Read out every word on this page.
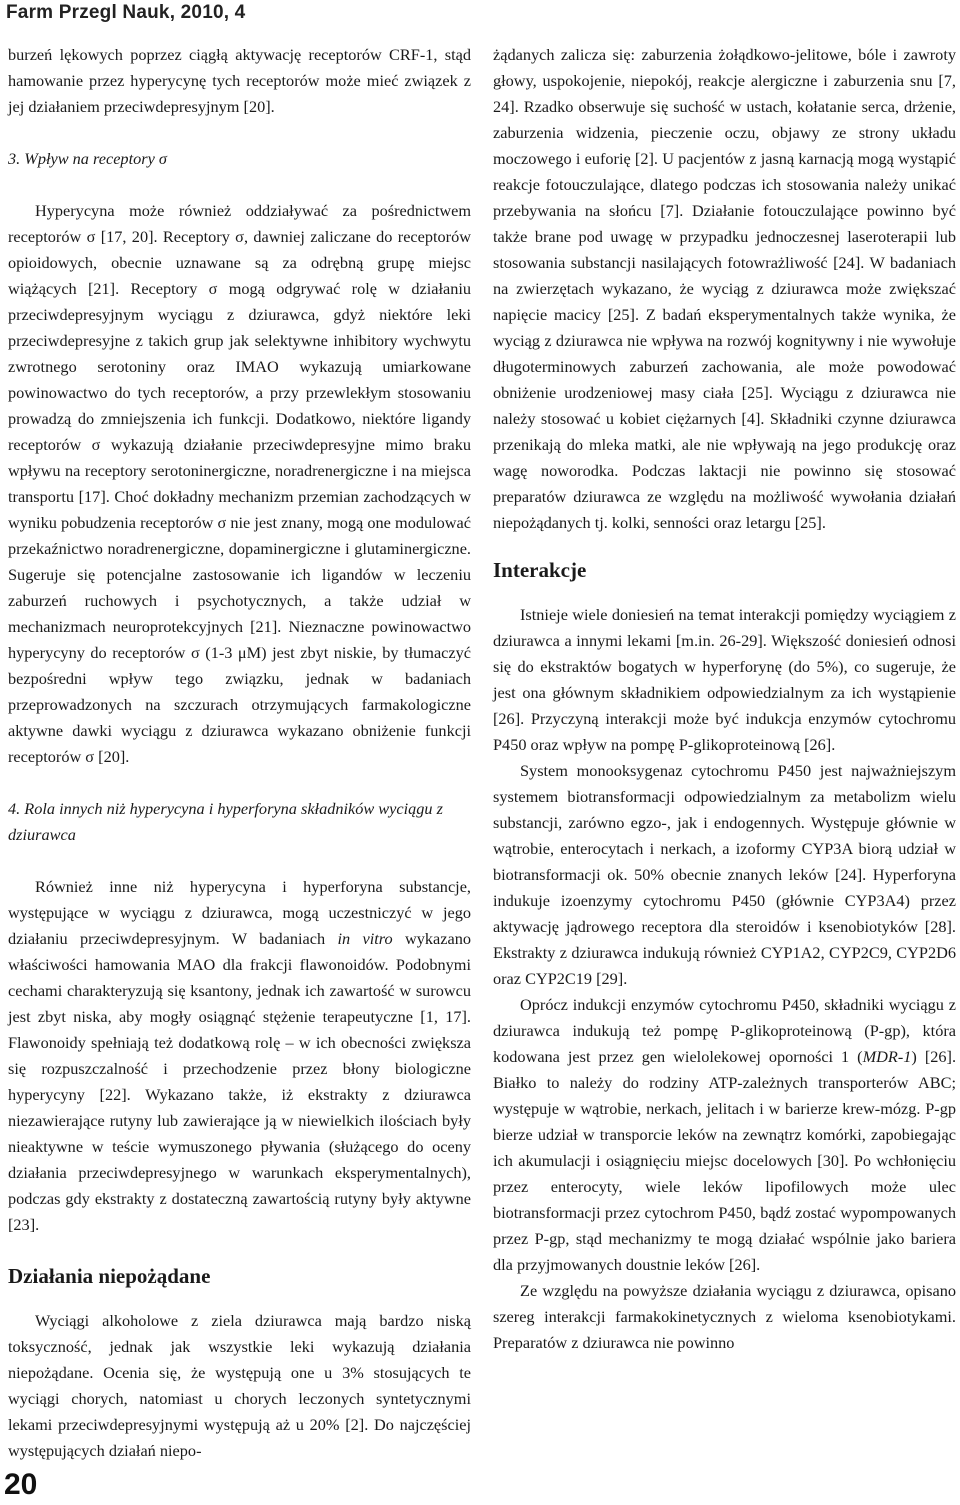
Farm Przegl Nauk, 2010, 4

burzeń lękowych poprzez ciągłą aktywację receptorów CRF-1, stąd hamowanie przez hyperycynę tych receptorów może mieć związek z jej działaniem przeciwdepresyjnym [20].

3. Wpływ na receptory σ

Hyperycyna może również oddziaływać za pośrednictwem receptorów σ [17, 20]. Receptory σ, dawniej zaliczane do receptorów opioidowych, obecnie uznawane są za odrębną grupę miejsc wiążących [21]. Receptory σ mogą odgrywać rolę w działaniu przeciwdepresyjnym wyciągu z dziurawca, gdyż niektóre leki przeciwdepresyjne z takich grup jak selektywne inhibitory wychwytu zwrotnego serotoniny oraz IMAO wykazują umiarkowane powinowactwo do tych receptorów, a przy przewlekłym stosowaniu prowadzą do zmniejszenia ich funkcji. Dodatkowo, niektóre ligandy receptorów σ wykazują działanie przeciwdepresyjne mimo braku wpływu na receptory serotoninergiczne, noradrenergiczne i na miejsca transportu [17]. Choć dokładny mechanizm przemian zachodzących w wyniku pobudzenia receptorów σ nie jest znany, mogą one modulować przekaźnictwo noradrenergiczne, dopaminergiczne i glutaminergiczne. Sugeruje się potencjalne zastosowanie ich ligandów w leczeniu zaburzeń ruchowych i psychotycznych, a także udział w mechanizmach neuroprotekcyjnych [21]. Nieznaczne powinowactwo hyperycyny do receptorów σ (1-3 μM) jest zbyt niskie, by tłumaczyć bezpośredni wpływ tego związku, jednak w badaniach przeprowadzonych na szczurach otrzymujących farmakologiczne aktywne dawki wyciągu z dziurawca wykazano obniżenie funkcji receptorów σ [20].

4. Rola innych niż hyperycyna i hyperforyna składników wyciągu z dziurawca

Również inne niż hyperycyna i hyperforyna substancje, występujące w wyciągu z dziurawca, mogą uczestniczyć w jego działaniu przeciwdepresyjnym. W badaniach in vitro wykazano właściwości hamowania MAO dla frakcji flawonoidów. Podobnymi cechami charakteryzują się ksantony, jednak ich zawartość w surowcu jest zbyt niska, aby mogły osiągnąć stężenie terapeutyczne [1, 17]. Flawonoidy spełniają też dodatkową rolę – w ich obecności zwiększa się rozpuszczalność i przechodzenie przez błony biologiczne hyperycyny [22]. Wykazano także, iż ekstrakty z dziurawca niezawierające rutyny lub zawierające ją w niewielkich ilościach były nieaktywne w teście wymuszonego pływania (służącego do oceny działania przeciwdepresyjnego w warunkach eksperymentalnych), podczas gdy ekstrakty z dostateczną zawartością rutyny były aktywne [23].

Działania niepożądane

Wyciągi alkoholowe z ziela dziurawca mają bardzo niską toksyczność, jednak jak wszystkie leki wykazują działania niepożądane. Ocenia się, że występują one u 3% stosujących te wyciągi chorych, natomiast u chorych leczonych syntetycznymi lekami przeciwdepresyjnymi występują aż u 20% [2]. Do najczęściej występujących działań niepo-

żądanych zalicza się: zaburzenia żołądkowo-jelitowe, bóle i zawroty głowy, uspokojenie, niepokój, reakcje alergiczne i zaburzenia snu [7, 24]. Rzadko obserwuje się suchość w ustach, kołatanie serca, drżenie, zaburzenia widzenia, pieczenie oczu, objawy ze strony układu moczowego i euforię [2]. U pacjentów z jasną karnacją mogą wystąpić reakcje fotouczulające, dlatego podczas ich stosowania należy unikać przebywania na słońcu [7]. Działanie fotouczulające powinno być także brane pod uwagę w przypadku jednoczesnej laseroterapii lub stosowania substancji nasilających fotowrażliwość [24]. W badaniach na zwierzętach wykazano, że wyciąg z dziurawca może zwiększać napięcie macicy [25]. Z badań eksperymentalnych także wynika, że wyciąg z dziurawca nie wpływa na rozwój kognitywny i nie wywołuje długoterminowych zaburzeń zachowania, ale może powodować obniżenie urodzeniowej masy ciała [25]. Wyciągu z dziurawca nie należy stosować u kobiet ciężarnych [4]. Składniki czynne dziurawca przenikają do mleka matki, ale nie wpływają na jego produkcję oraz wagę noworodka. Podczas laktacji nie powinno się stosować preparatów dziurawca ze względu na możliwość wywołania działań niepożądanych tj. kolki, senności oraz letargu [25].

Interakcje

Istnieje wiele doniesień na temat interakcji pomiędzy wyciągiem z dziurawca a innymi lekami [m.in. 26-29]. Większość doniesień odnosi się do ekstraktów bogatych w hyperforynę (do 5%), co sugeruje, że jest ona głównym składnikiem odpowiedzialnym za ich wystąpienie [26]. Przyczyną interakcji może być indukcja enzymów cytochromu P450 oraz wpływ na pompę P-glikoproteinową [26].

System monooksygenaz cytochromu P450 jest najważniejszym systemem biotransformacji odpowiedzialnym za metabolizm wielu substancji, zarówno egzo-, jak i endogennych. Występuje głównie w wątrobie, enterocytach i nerkach, a izoformy CYP3A biorą udział w biotransformacji ok. 50% obecnie znanych leków [24]. Hyperforyna indukuje izoenzymy cytochromu P450 (głównie CYP3A4) przez aktywację jądrowego receptora dla steroidów i ksenobiotyków [28]. Ekstrakty z dziurawca indukują również CYP1A2, CYP2C9, CYP2D6 oraz CYP2C19 [29].

Oprócz indukcji enzymów cytochromu P450, składniki wyciągu z dziurawca indukują też pompę P-glikoproteinową (P-gp), która kodowana jest przez gen wielolekowej oporności 1 (MDR-1) [26]. Białko to należy do rodziny ATP-zależnych transporterów ABC; występuje w wątrobie, nerkach, jelitach i w barierze krew-mózg. P-gp bierze udział w transporcie leków na zewnątrz komórki, zapobiegając ich akumulacji i osiągnięciu miejsc docelowych [30]. Po wchłonięciu przez enterocyty, wiele leków lipofilowych może ulec biotransformacji przez cytochrom P450, bądź zostać wypompowanych przez P-gp, stąd mechanizmy te mogą działać wspólnie jako bariera dla przyjmowanych doustnie leków [26].

Ze względu na powyższe działania wyciągu z dziurawca, opisano szereg interakcji farmakokinetycznych z wieloma ksenobiotykami. Preparatów z dziurawca nie powinno

20
